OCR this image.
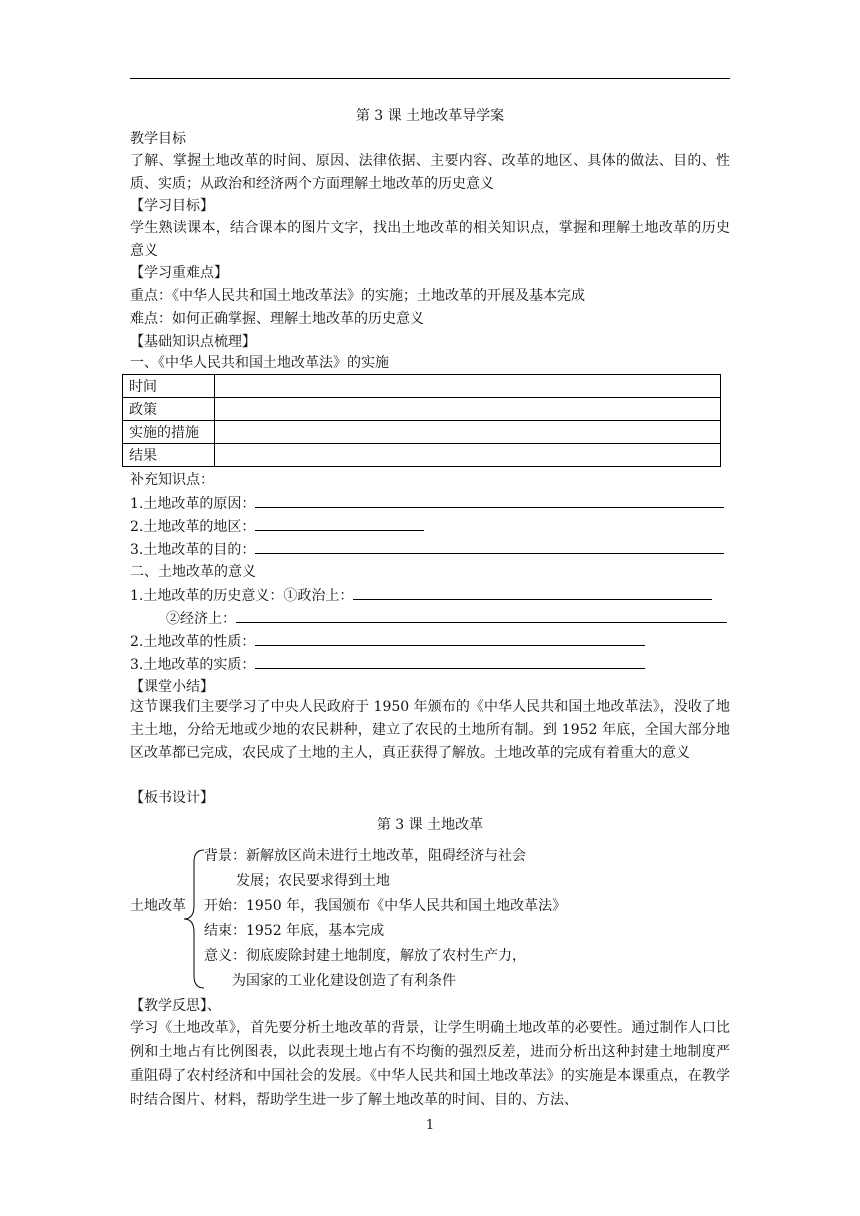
第 3 课 土地改革导学案
教学目标
了解、掌握土地改革的时间、原因、法律依据、主要内容、改革的地区、具体的做法、目的、性质、实质；从政治和经济两个方面理解土地改革的历史意义
【学习目标】
学生熟读课本，结合课本的图片文字，找出土地改革的相关知识点，掌握和理解土地改革的历史意义
【学习重难点】
重点：《中华人民共和国土地改革法》的实施；土地改革的开展及基本完成
难点：如何正确掌握、理解土地改革的历史意义
【基础知识点梳理】
一、《中华人民共和国土地改革法》的实施
时间	
政策	
实施的措施	
结果	
补充知识点：
1.土地改革的原因：
2.土地改革的地区：
3.土地改革的目的：
二、土地改革的意义
1.土地改革的历史意义：①政治上：
②经济上：
2.土地改革的性质：
3.土地改革的实质：
【课堂小结】
这节课我们主要学习了中央人民政府于 1950 年颁布的《中华人民共和国土地改革法》，没收了地主土地，分给无地或少地的农民耕种，建立了农民的土地所有制。到 1952 年底，全国大部分地区改革都已完成，农民成了土地的主人，真正获得了解放。土地改革的完成有着重大的意义
【板书设计】
第 3 课 土地改革
土地改革
背景：新解放区尚未进行土地改革，阻碍经济与社会
发展；农民要求得到土地
开始：1950 年，我国颁布《中华人民共和国土地改革法》
结束：1952 年底，基本完成
意义：彻底废除封建土地制度，解放了农村生产力，
为国家的工业化建设创造了有利条件
【教学反思】、
学习《土地改革》，首先要分析土地改革的背景，让学生明确土地改革的必要性。通过制作人口比例和土地占有比例图表，以此表现土地占有不均衡的强烈反差，进而分析出这种封建土地制度严重阻碍了农村经济和中国社会的发展。《中华人民共和国土地改革法》的实施是本课重点，在教学时结合图片、材料，帮助学生进一步了解土地改革的时间、目的、方法、
1
